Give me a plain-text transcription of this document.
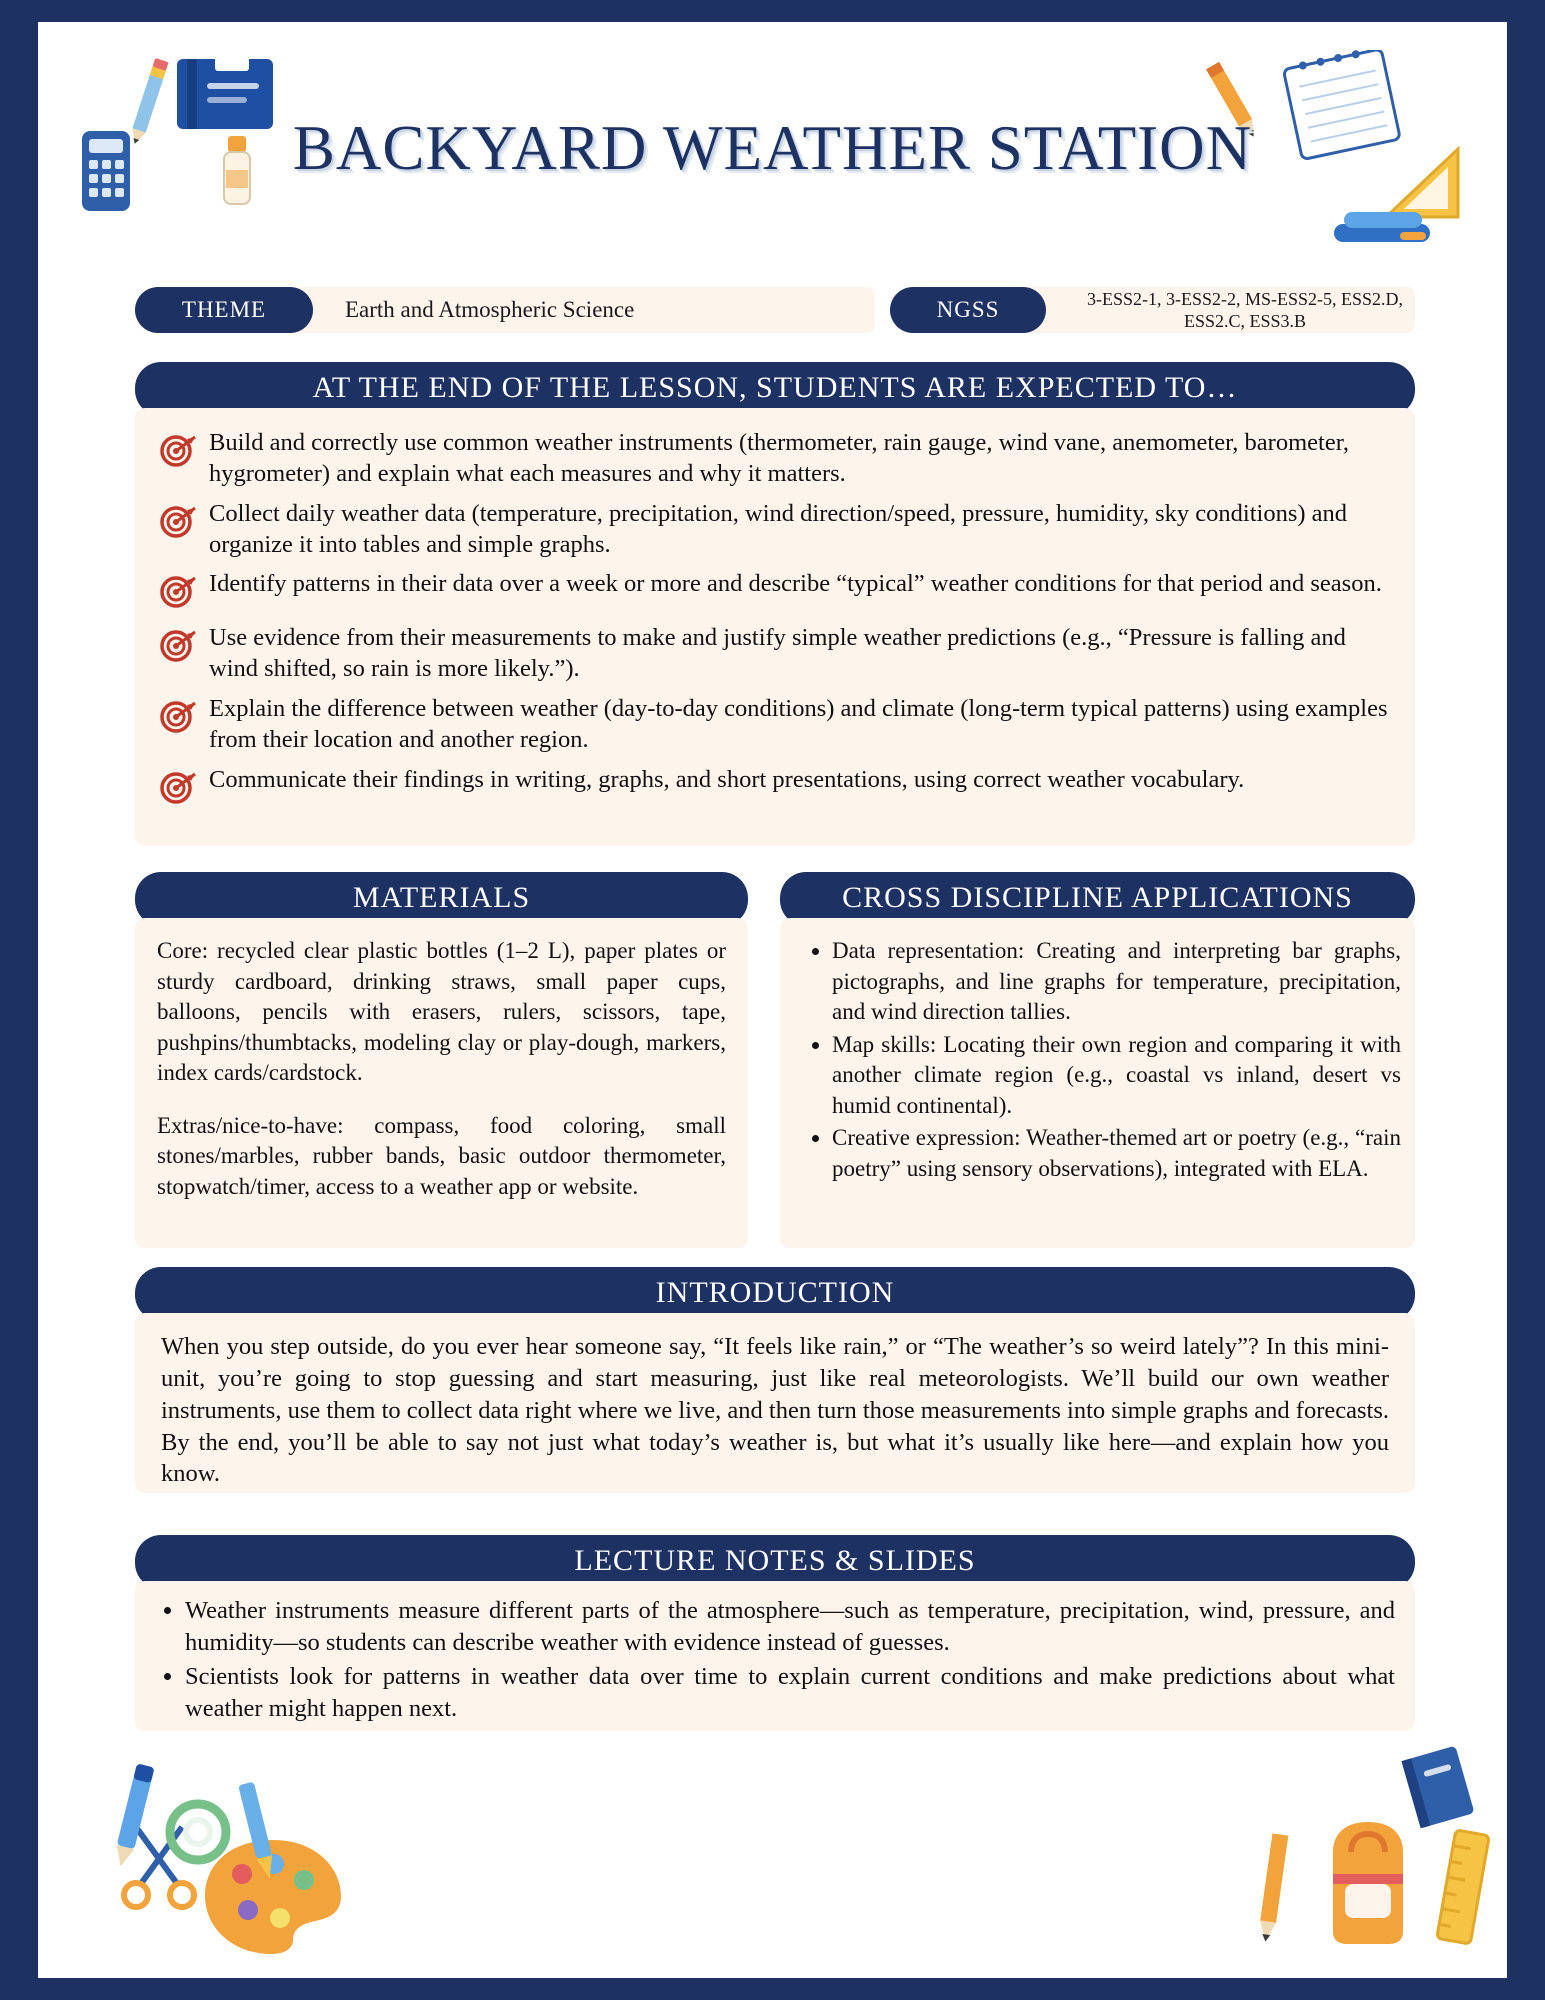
BACKYARD WEATHER STATION
Earth and Atmospheric Science
THEME	3-ESS2-1, 3-ESS2-2, MS-ESS2-5, ESS2.D, ESS2.C, ESS3.B
NGSS
AT THE END OF THE LESSON, STUDENTS ARE EXPECTED TO…
Build and correctly use common weather instruments (thermometer, rain gauge, wind vane, anemometer, barometer, hygrometer) and explain what each measures and why it matters.
Collect daily weather data (temperature, precipitation, wind direction/speed, pressure, humidity, sky conditions) and organize it into tables and simple graphs.
Identify patterns in their data over a week or more and describe “typical” weather conditions for that period and season.
Use evidence from their measurements to make and justify simple weather predictions (e.g., “Pressure is falling and wind shifted, so rain is more likely.”).
Explain the difference between weather (day-to-day conditions) and climate (long-term typical patterns) using examples from their location and another region.
Communicate their findings in writing, graphs, and short presentations, using correct weather vocabulary.
MATERIALS

Core: recycled clear plastic bottles (1–2 L), paper plates or sturdy cardboard, drinking straws, small paper cups, balloons, pencils with erasers, rulers, scissors, tape, pushpins/thumbtacks, modeling clay or play-dough, markers, index cards/cardstock.

Extras/nice-to-have: compass, food coloring, small stones/marbles, rubber bands, basic outdoor thermometer, stopwatch/timer, access to a weather app or website.

CROSS DISCIPLINE APPLICATIONS
• Data representation: Creating and interpreting bar graphs, pictographs, and line graphs for temperature, precipitation, and wind direction tallies.
• Map skills: Locating their own region and comparing it with another climate region (e.g., coastal vs inland, desert vs humid continental).
• Creative expression: Weather-themed art or poetry (e.g., “rain poetry” using sensory observations), integrated with ELA.
INTRODUCTION
When you step outside, do you ever hear someone say, “It feels like rain,” or “The weather’s so weird lately”? In this mini-unit, you’re going to stop guessing and start measuring, just like real meteorologists. We’ll build our own weather instruments, use them to collect data right where we live, and then turn those measurements into simple graphs and forecasts. By the end, you’ll be able to say not just what today’s weather is, but what it’s usually like here—and explain how you know.
LECTURE NOTES & SLIDES
• Weather instruments measure different parts of the atmosphere—such as temperature, precipitation, wind, pressure, and humidity—so students can describe weather with evidence instead of guesses.
• Scientists look for patterns in weather data over time to explain current conditions and make predictions about what weather might happen next.
